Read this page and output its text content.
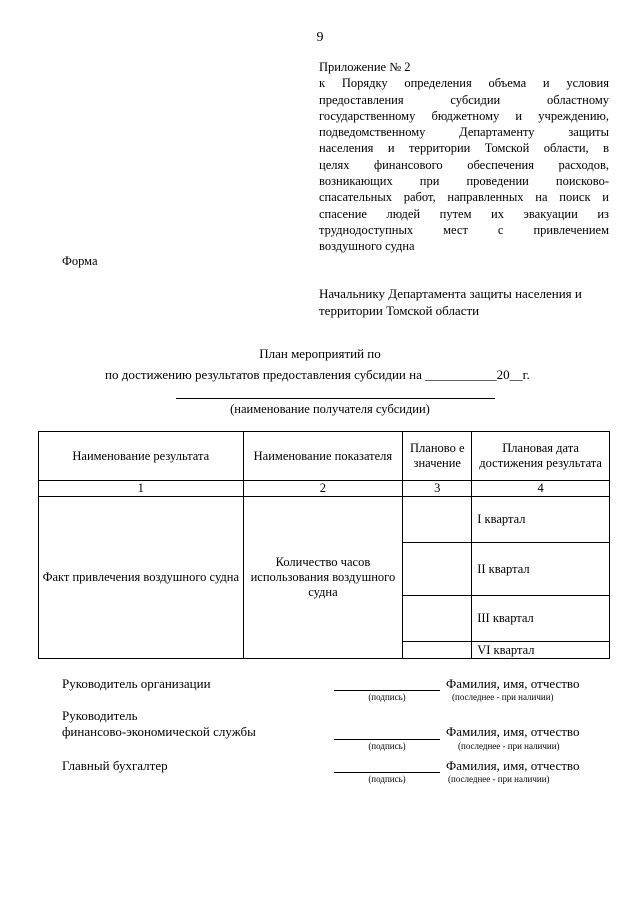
9
Приложение № 2
к Порядку определения объема и условия
предоставления субсидии областному
государственному бюджетному и учреждению,
подведомственному Департаменту защиты
населения и территории Томской области, в
целях финансового обеспечения расходов,
возникающих при проведении поисково-
спасательных работ, направленных на поиск и
спасение людей путем их эвакуации из
труднодоступных мест с привлечением
воздушного судна
Форма
Начальнику Департамента защиты населения и
территории Томской области
План мероприятий по
по достижению результатов предоставления субсидии на ___________20__г.
(наименование получателя субсидии)
Наименование результата	Наименование показателя	Планово е значение	Плановая дата достижения результата
1	2	3	4
Факт привлечения воздушного судна	Количество часов использования воздушного судна		I квартал
			II квартал
			III квартал
			VI квартал
Руководитель организации
(подпись)
Фамилия, имя, отчество
(последнее - при наличии)
Руководитель
финансово-экономической службы
(подпись)
Фамилия, имя, отчество
(последнее - при наличии)
Главный бухгалтер
(подпись)
Фамилия, имя, отчество
(последнее - при наличии)
